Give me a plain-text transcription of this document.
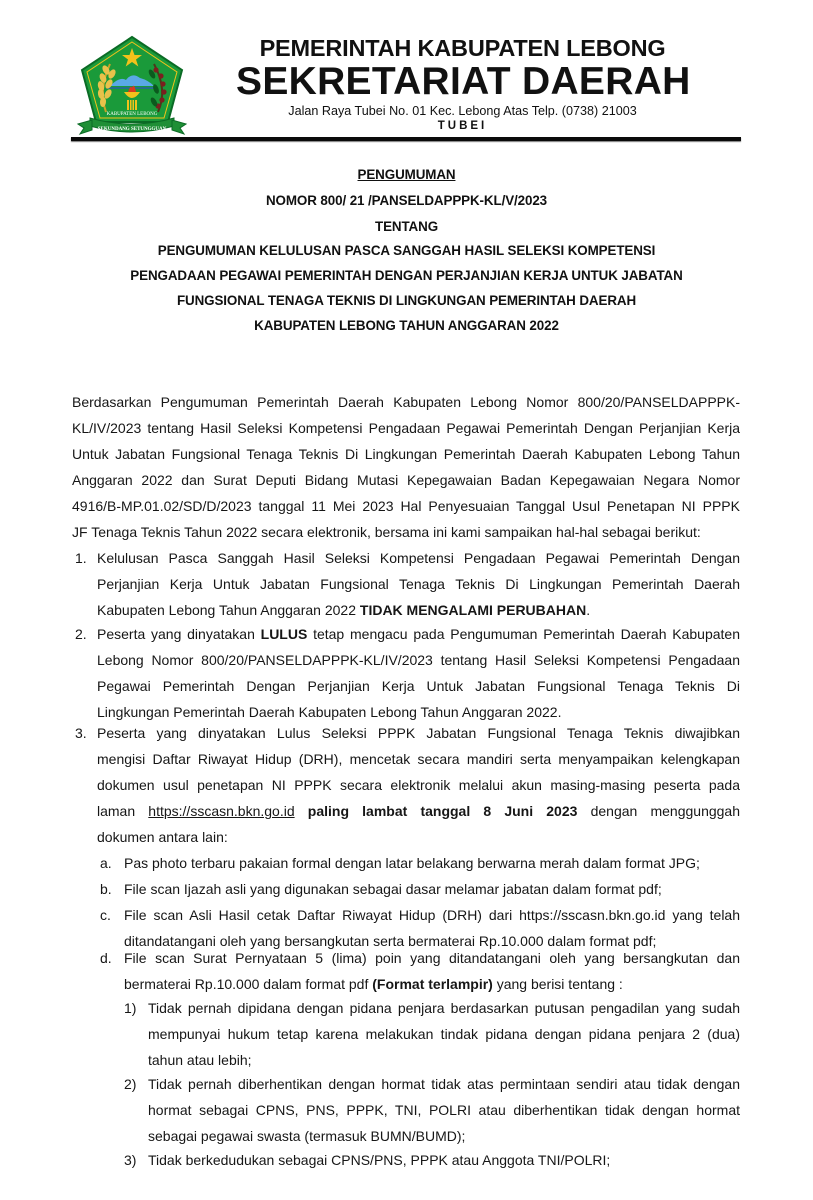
KABUPATEN LEBONG
SEKUNDANG SETUNGGUAN
PEMERINTAH KABUPATEN LEBONG
SEKRETARIAT DAERAH
Jalan Raya Tubei No. 01 Kec. Lebong Atas Telp. (0738) 21003
TUBEI
PENGUMUMAN
NOMOR 800/ 21 /PANSELDAPPPK-KL/V/2023
TENTANG
PENGUMUMAN KELULUSAN PASCA SANGGAH HASIL SELEKSI KOMPETENSI
PENGADAAN PEGAWAI PEMERINTAH DENGAN PERJANJIAN KERJA UNTUK JABATAN
FUNGSIONAL TENAGA TEKNIS DI LINGKUNGAN PEMERINTAH DAERAH
KABUPATEN LEBONG TAHUN ANGGARAN 2022
Berdasarkan Pengumuman Pemerintah Daerah Kabupaten Lebong Nomor 800/20/PANSELDAPPPK-
KL/IV/2023 tentang Hasil Seleksi Kompetensi Pengadaan Pegawai Pemerintah Dengan Perjanjian Kerja
Untuk Jabatan Fungsional Tenaga Teknis Di Lingkungan Pemerintah Daerah Kabupaten Lebong Tahun
Anggaran 2022 dan Surat Deputi Bidang Mutasi Kepegawaian Badan Kepegawaian Negara Nomor
4916/B-MP.01.02/SD/D/2023 tanggal 11 Mei 2023 Hal Penyesuaian Tanggal Usul Penetapan NI PPPK
JF Tenaga Teknis Tahun 2022 secara elektronik, bersama ini kami sampaikan hal-hal sebagai berikut:
1. Kelulusan Pasca Sanggah Hasil Seleksi Kompetensi Pengadaan Pegawai Pemerintah Dengan
Perjanjian Kerja Untuk Jabatan Fungsional Tenaga Teknis Di Lingkungan Pemerintah Daerah
Kabupaten Lebong Tahun Anggaran 2022 TIDAK MENGALAMI PERUBAHAN.
2. Peserta yang dinyatakan LULUS tetap mengacu pada Pengumuman Pemerintah Daerah Kabupaten
Lebong Nomor 800/20/PANSELDAPPPK-KL/IV/2023 tentang Hasil Seleksi Kompetensi Pengadaan
Pegawai Pemerintah Dengan Perjanjian Kerja Untuk Jabatan Fungsional Tenaga Teknis Di
Lingkungan Pemerintah Daerah Kabupaten Lebong Tahun Anggaran 2022.
3. Peserta yang dinyatakan Lulus Seleksi PPPK Jabatan Fungsional Tenaga Teknis diwajibkan
mengisi Daftar Riwayat Hidup (DRH), mencetak secara mandiri serta menyampaikan kelengkapan
dokumen usul penetapan NI PPPK secara elektronik melalui akun masing-masing peserta pada
laman https://sscasn.bkn.go.id paling lambat tanggal 8 Juni 2023 dengan menggunggah
dokumen antara lain:
a. Pas photo terbaru pakaian formal dengan latar belakang berwarna merah dalam format JPG;
b. File scan Ijazah asli yang digunakan sebagai dasar melamar jabatan dalam format pdf;
c. File scan Asli Hasil cetak Daftar Riwayat Hidup (DRH) dari https://sscasn.bkn.go.id yang telah
ditandatangani oleh yang bersangkutan serta bermaterai Rp.10.000 dalam format pdf;
d. File scan Surat Pernyataan 5 (lima) poin yang ditandatangani oleh yang bersangkutan dan
bermaterai Rp.10.000 dalam format pdf (Format terlampir) yang berisi tentang :
1) Tidak pernah dipidana dengan pidana penjara berdasarkan putusan pengadilan yang sudah
mempunyai hukum tetap karena melakukan tindak pidana dengan pidana penjara 2 (dua)
tahun atau lebih;
2) Tidak pernah diberhentikan dengan hormat tidak atas permintaan sendiri atau tidak dengan
hormat sebagai CPNS, PNS, PPPK, TNI, POLRI atau diberhentikan tidak dengan hormat
sebagai pegawai swasta (termasuk BUMN/BUMD);
3) Tidak berkedudukan sebagai CPNS/PNS, PPPK atau Anggota TNI/POLRI;
